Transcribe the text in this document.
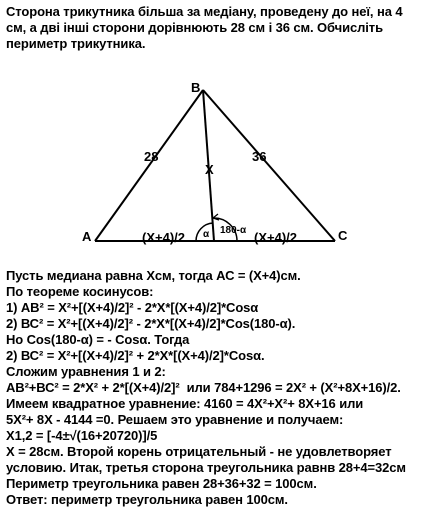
Сторона трикутника більша за медіану, проведену до неї, на 4
см, а дві інші сторони дорівнюють 28 см і 36 см. Обчисліть
периметр трикутника.
B
A	C
28	36
X
(X+4)/2	(X+4)/2
α 180-α
Пусть медиана равна Хсм, тогда АС = (Х+4)см.
По теореме косинусов:
1) АВ² = Х²+[(Х+4)/2]² - 2*Х*[(Х+4)/2]*Cosα
2) ВС² = Х²+[(Х+4)/2]² - 2*Х*[(Х+4)/2]*Cos(180-α).
Но Cos(180-α) = - Cosα. Тогда
2) ВС² = Х²+[(Х+4)/2]² + 2*Х*[(Х+4)/2]*Cosα.
Сложим уравнения 1 и 2:
АВ²+ВС² = 2*Х² + 2*[(Х+4)/2]²  или 784+1296 = 2Х² + (Х²+8Х+16)/2.
Имеем квадратное уравнение: 4160 = 4Х²+Х²+ 8Х+16 или
5Х²+ 8Х - 4144 =0. Решаем это уравнение и получаем:
Х1,2 = [-4±√(16+20720)]/5
Х = 28см. Второй корень отрицательный - не удовлетворяет
условию. Итак, третья сторона треугольника равнв 28+4=32см
Периметр треугольника равен 28+36+32 = 100см.
Ответ: периметр треугольника равен 100см.
